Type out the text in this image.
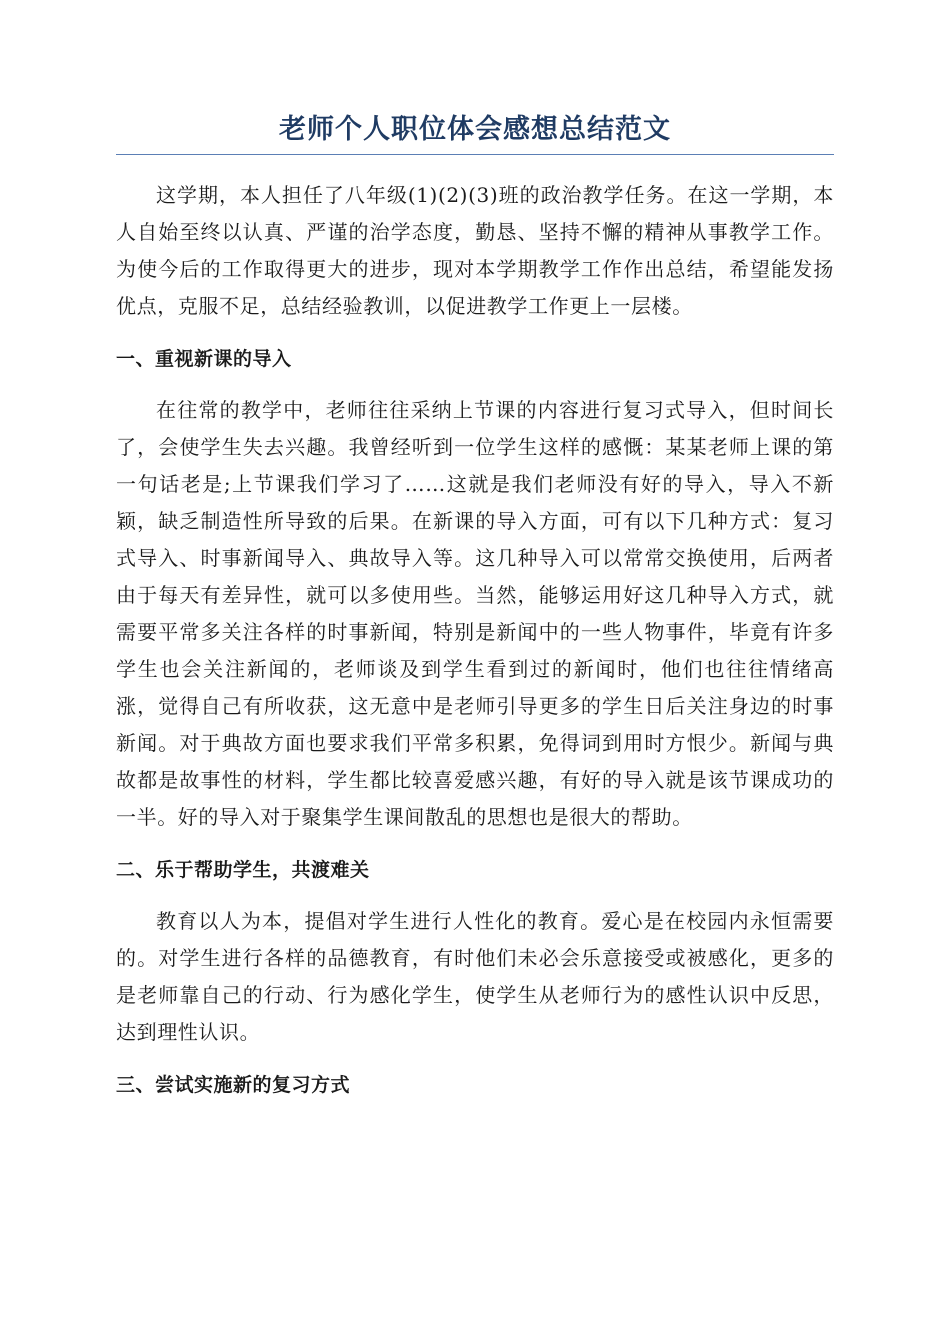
老师个人职位体会感想总结范文

这学期，本人担任了八年级(1)(2)(3)班的政治教学任务。在这一学期，本人自始至终以认真、严谨的治学态度，勤恳、坚持不懈的精神从事教学工作。为使今后的工作取得更大的进步，现对本学期教学工作作出总结，希望能发扬优点，克服不足，总结经验教训，以促进教学工作更上一层楼。

一、重视新课的导入

在往常的教学中，老师往往采纳上节课的内容进行复习式导入，但时间长了，会使学生失去兴趣。我曾经听到一位学生这样的感慨：某某老师上课的第一句话老是;上节课我们学习了……这就是我们老师没有好的导入，导入不新颖，缺乏制造性所导致的后果。在新课的导入方面，可有以下几种方式：复习式导入、时事新闻导入、典故导入等。这几种导入可以常常交换使用，后两者由于每天有差异性，就可以多使用些。当然，能够运用好这几种导入方式，就需要平常多关注各样的时事新闻，特别是新闻中的一些人物事件，毕竟有许多学生也会关注新闻的，老师谈及到学生看到过的新闻时，他们也往往情绪高涨，觉得自己有所收获，这无意中是老师引导更多的学生日后关注身边的时事新闻。对于典故方面也要求我们平常多积累，免得词到用时方恨少。新闻与典故都是故事性的材料，学生都比较喜爱感兴趣，有好的导入就是该节课成功的一半。好的导入对于聚集学生课间散乱的思想也是很大的帮助。

二、乐于帮助学生，共渡难关

教育以人为本，提倡对学生进行人性化的教育。爱心是在校园内永恒需要的。对学生进行各样的品德教育，有时他们未必会乐意接受或被感化，更多的是老师靠自己的行动、行为感化学生，使学生从老师行为的感性认识中反思，达到理性认识。

三、尝试实施新的复习方式
